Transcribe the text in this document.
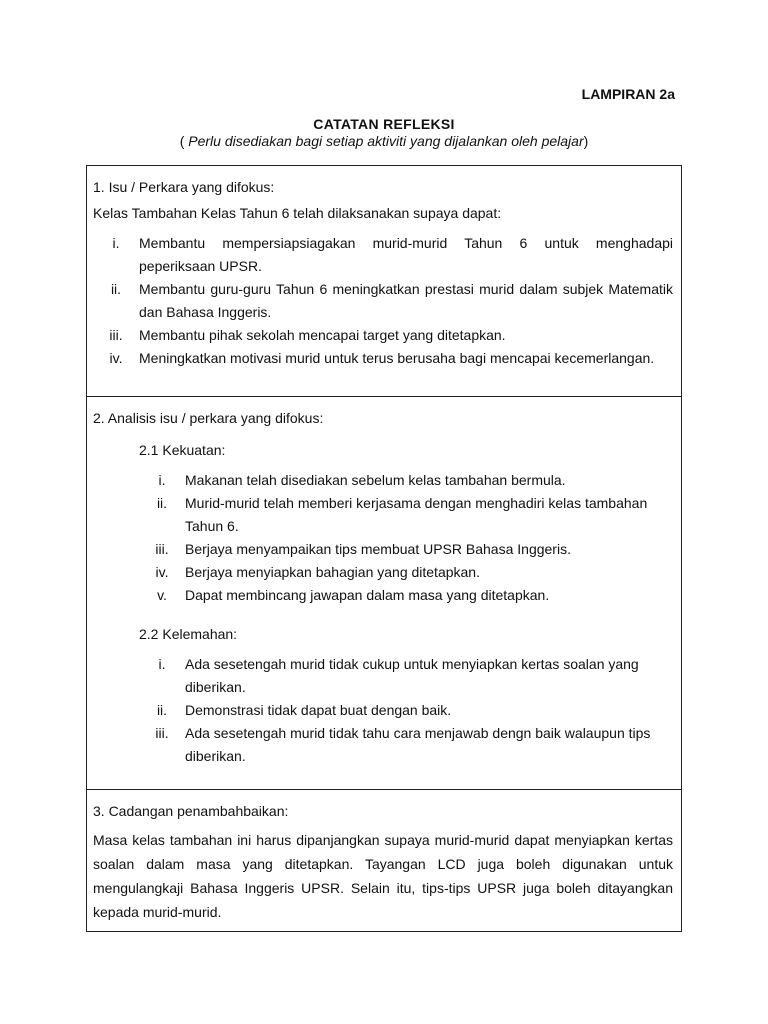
LAMPIRAN 2a
CATATAN REFLEKSI
( Perlu disediakan bagi setiap aktiviti yang dijalankan oleh pelajar)
1. Isu / Perkara yang difokus:
Kelas Tambahan Kelas Tahun 6 telah dilaksanakan supaya dapat:
i.	Membantu mempersiapsiagakan murid-murid Tahun 6 untuk menghadapi peperiksaan UPSR.
ii.	Membantu guru-guru Tahun 6 meningkatkan prestasi murid dalam subjek Matematik dan Bahasa Inggeris.
iii.	Membantu pihak sekolah mencapai target yang ditetapkan.
iv.	Meningkatkan motivasi murid untuk terus berusaha bagi mencapai kecemerlangan.
2. Analisis isu / perkara yang difokus:
2.1 Kekuatan:
i.	Makanan telah disediakan sebelum kelas tambahan bermula.
ii.	Murid-murid telah memberi kerjasama dengan menghadiri kelas tambahan Tahun 6.
iii.	Berjaya menyampaikan tips membuat UPSR Bahasa Inggeris.
iv.	Berjaya menyiapkan bahagian yang ditetapkan.
v.	Dapat membincang jawapan dalam masa yang ditetapkan.
2.2 Kelemahan:
i.	Ada sesetengah murid tidak cukup untuk menyiapkan kertas soalan yang diberikan.
ii.	Demonstrasi tidak dapat buat dengan baik.
iii.	Ada sesetengah murid tidak tahu cara menjawab dengn baik walaupun tips diberikan.
3. Cadangan penambahbaikan:
Masa kelas tambahan ini harus dipanjangkan supaya murid-murid dapat menyiapkan kertas soalan dalam masa yang ditetapkan. Tayangan LCD juga boleh digunakan untuk mengulangkaji Bahasa Inggeris UPSR. Selain itu, tips-tips UPSR juga boleh ditayangkan kepada murid-murid.
